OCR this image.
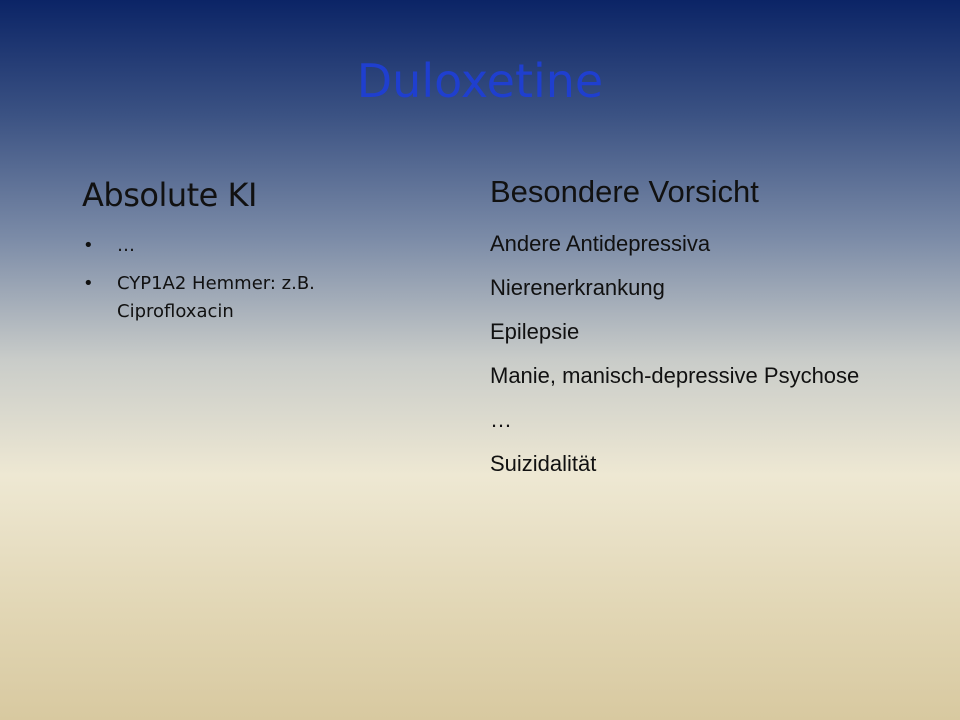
Duloxetine
Absolute KI
• …
• CYP1A2 Hemmer: z.B. Ciprofloxacin
Besondere Vorsicht
Andere Antidepressiva
Nierenerkrankung
Epilepsie
Manie, manisch-depressive Psychose
…
Suizidalität
